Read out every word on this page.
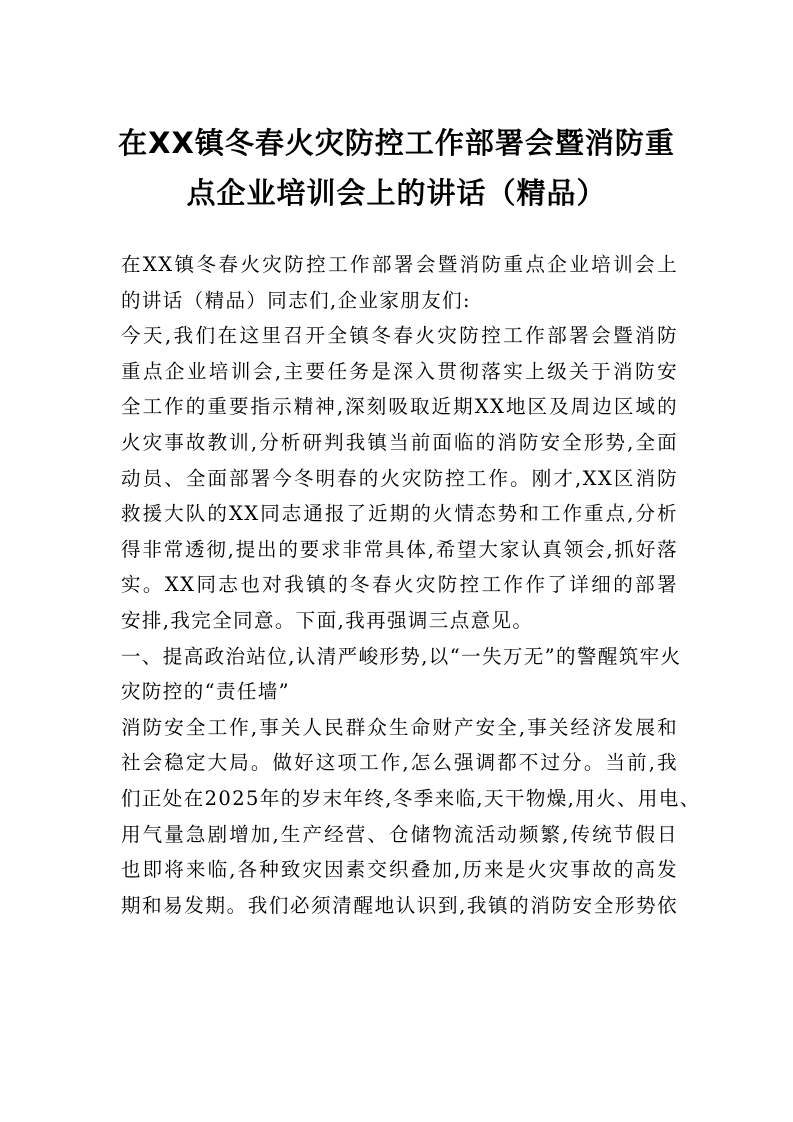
在XX镇冬春火灾防控工作部署会暨消防重
点企业培训会上的讲话（精品）
在XX镇冬春火灾防控工作部署会暨消防重点企业培训会上
的讲话（精品）同志们,企业家朋友们:
今天,我们在这里召开全镇冬春火灾防控工作部署会暨消防
重点企业培训会,主要任务是深入贯彻落实上级关于消防安
全工作的重要指示精神,深刻吸取近期XX地区及周边区域的
火灾事故教训,分析研判我镇当前面临的消防安全形势,全面
动员、全面部署今冬明春的火灾防控工作。刚才,XX区消防
救援大队的XX同志通报了近期的火情态势和工作重点,分析
得非常透彻,提出的要求非常具体,希望大家认真领会,抓好落
实。XX同志也对我镇的冬春火灾防控工作作了详细的部署
安排,我完全同意。下面,我再强调三点意见。
一、提高政治站位,认清严峻形势,以“一失万无”的警醒筑牢火
灾防控的“责任墙”
消防安全工作,事关人民群众生命财产安全,事关经济发展和
社会稳定大局。做好这项工作,怎么强调都不过分。当前,我
们正处在2025年的岁末年终,冬季来临,天干物燥,用火、用电、
用气量急剧增加,生产经营、仓储物流活动频繁,传统节假日
也即将来临,各种致灾因素交织叠加,历来是火灾事故的高发
期和易发期。我们必须清醒地认识到,我镇的消防安全形势依
